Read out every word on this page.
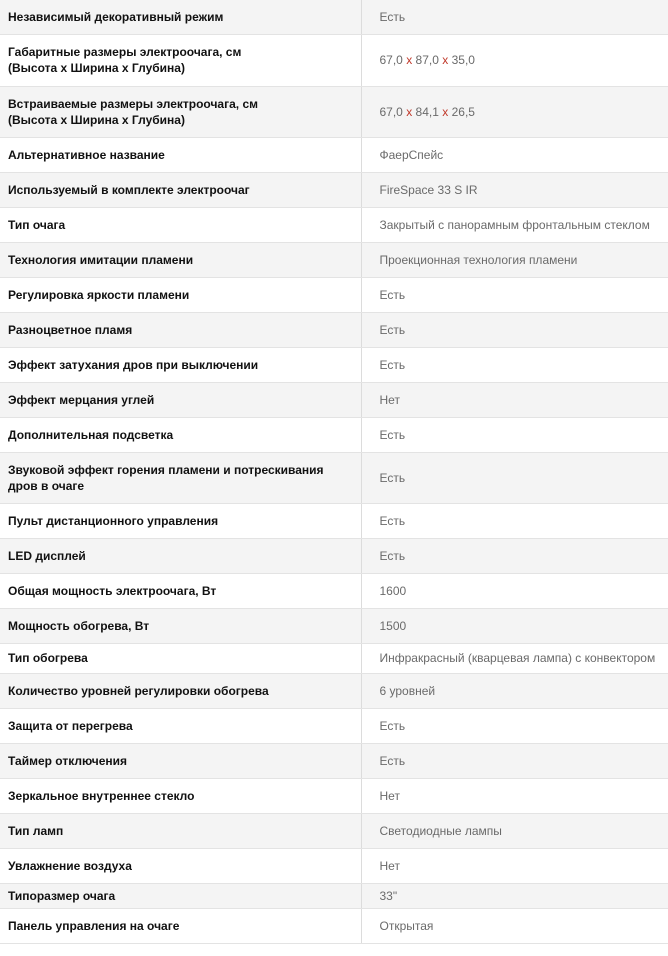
Независимый декоративный режим	Есть
Габаритные размеры электроочага, см
(Высота х Ширина х Глубина)	67,0 x 87,0 x 35,0
Встраиваемые размеры электроочага, см
(Высота х Ширина х Глубина)	67,0 x 84,1 x 26,5
Альтернативное название	ФаерСпейс
Используемый в комплекте электроочаг	FireSpace 33 S IR
Тип очага	Закрытый с панорамным фронтальным стеклом
Технология имитации пламени	Проекционная технология пламени
Регулировка яркости пламени	Есть
Разноцветное пламя	Есть
Эффект затухания дров при выключении	Есть
Эффект мерцания углей	Нет
Дополнительная подсветка	Есть
Звуковой эффект горения пламени и потрескивания
дров в очаге	Есть
Пульт дистанционного управления	Есть
LED дисплей	Есть
Общая мощность электроочага, Вт	1600
Мощность обогрева, Вт	1500
Тип обогрева	Инфракрасный (кварцевая лампа) с конвектором
Количество уровней регулировки обогрева	6 уровней
Защита от перегрева	Есть
Таймер отключения	Есть
Зеркальное внутреннее стекло	Нет
Тип ламп	Светодиодные лампы
Увлажнение воздуха	Нет
Типоразмер очага	33"
Панель управления на очаге	Открытая
